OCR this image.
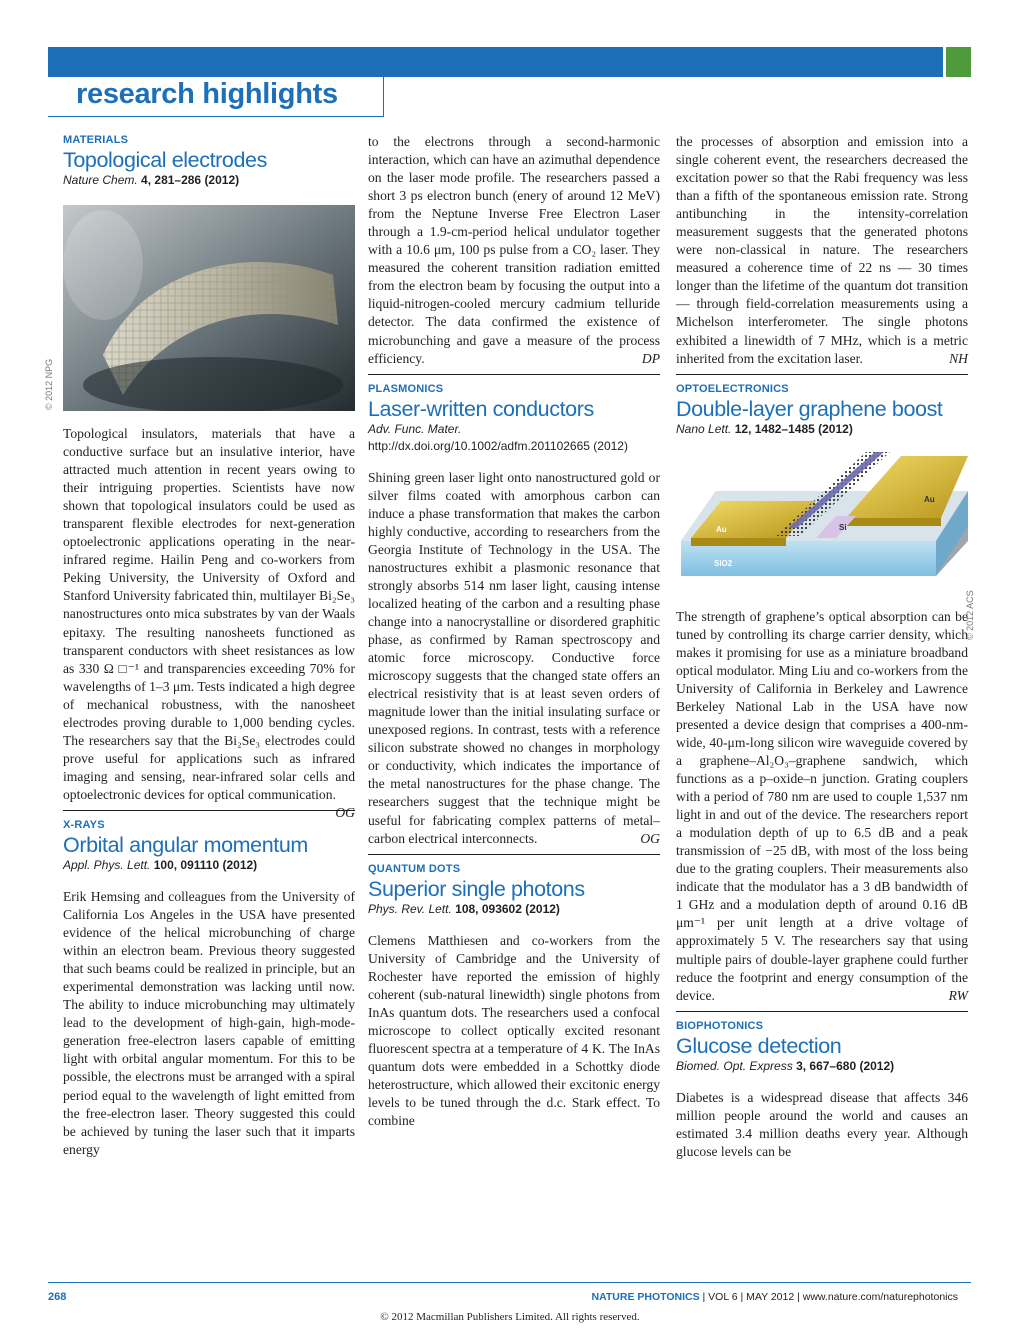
research highlights
MATERIALS
Topological electrodes
Nature Chem. 4, 281–286 (2012)
Topological insulators, materials that have a conductive surface but an insulative interior, have attracted much attention in recent years owing to their intriguing properties. Scientists have now shown that topological insulators could be used as transparent flexible electrodes for next-generation optoelectronic applications operating in the near-infrared regime. Hailin Peng and co-workers from Peking University, the University of Oxford and Stanford University fabricated thin, multilayer Bi₂Se₃ nanostructures onto mica substrates by van der Waals epitaxy. The resulting nanosheets functioned as transparent conductors with sheet resistances as low as 330 Ω □⁻¹ and transparencies exceeding 70% for wavelengths of 1–3 μm. Tests indicated a high degree of mechanical robustness, with the nanosheet electrodes proving durable to 1,000 bending cycles. The researchers say that the Bi₂Se₃ electrodes could prove useful for applications such as infrared imaging and sensing, near-infrared solar cells and optoelectronic devices for optical communication.
OG
X-RAYS
Orbital angular momentum
Appl. Phys. Lett. 100, 091110 (2012)
Erik Hemsing and colleagues from the University of California Los Angeles in the USA have presented evidence of the helical microbunching of charge within an electron beam. Previous theory suggested that such beams could be realized in principle, but an experimental demonstration was lacking until now. The ability to induce microbunching may ultimately lead to the development of high-gain, high-mode-generation free-electron lasers capable of emitting light with orbital angular momentum. For this to be possible, the electrons must be arranged with a spiral period equal to the wavelength of light emitted from the free-electron laser. Theory suggested this could be achieved by tuning the laser such that it imparts energy
© 2012 NPG
to the electrons through a second-harmonic interaction, which can have an azimuthal dependence on the laser mode profile. The researchers passed a short 3 ps electron bunch (enery of around 12 MeV) from the Neptune Inverse Free Electron Laser through a 1.9-cm-period helical undulator together with a 10.6 μm, 100 ps pulse from a CO₂ laser. They measured the coherent transition radiation emitted from the electron beam by focusing the output into a liquid-nitrogen-cooled mercury cadmium telluride detector. The data confirmed the existence of microbunching and gave a measure of the process efficiency.	DP
PLASMONICS
Laser-written conductors
Adv. Func. Mater. http://dx.doi.org/10.1002/adfm.201102665 (2012)
Shining green laser light onto nanostructured gold or silver films coated with amorphous carbon can induce a phase transformation that makes the carbon highly conductive, according to researchers from the Georgia Institute of Technology in the USA. The nanostructures exhibit a plasmonic resonance that strongly absorbs 514 nm laser light, causing intense localized heating of the carbon and a resulting phase change into a nanocrystalline or disordered graphitic phase, as confirmed by Raman spectroscopy and atomic force microscopy. Conductive force microscopy suggests that the changed state offers an electrical resistivity that is at least seven orders of magnitude lower than the initial insulating surface or unexposed regions. In contrast, tests with a reference silicon substrate showed no changes in morphology or conductivity, which indicates the importance of the metal nanostructures for the phase change. The researchers suggest that the technique might be useful for fabricating complex patterns of metal–carbon electrical interconnects.	OG
QUANTUM DOTS
Superior single photons
Phys. Rev. Lett. 108, 093602 (2012)
Clemens Matthiesen and co-workers from the University of Cambridge and the University of Rochester have reported the emission of highly coherent (sub-natural linewidth) single photons from InAs quantum dots. The researchers used a confocal microscope to collect optically excited resonant fluorescent spectra at a temperature of 4 K. The InAs quantum dots were embedded in a Schottky diode heterostructure, which allowed their excitonic energy levels to be tuned through the d.c. Stark effect. To combine
the processes of absorption and emission into a single coherent event, the researchers decreased the excitation power so that the Rabi frequency was less than a fifth of the spontaneous emission rate. Strong antibunching in the intensity-correlation measurement suggests that the generated photons were non-classical in nature. The researchers measured a coherence time of 22 ns — 30 times longer than the lifetime of the quantum dot transition — through field-correlation measurements using a Michelson interferometer. The single photons exhibited a linewidth of 7 MHz, which is a metric inherited from the excitation laser.	NH
OPTOELECTRONICS
Double-layer graphene boost
Nano Lett. 12, 1482–1485 (2012)
Au
Au
Si
SiO2
The strength of graphene’s optical absorption can be tuned by controlling its charge carrier density, which makes it promising for use as a miniature broadband optical modulator. Ming Liu and co-workers from the University of California in Berkeley and Lawrence Berkeley National Lab in the USA have now presented a device design that comprises a 400-nm-wide, 40-μm-long silicon wire waveguide covered by a graphene–Al₂O₃–graphene sandwich, which functions as a p–oxide–n junction. Grating couplers with a period of 780 nm are used to couple 1,537 nm light in and out of the device. The researchers report a modulation depth of up to 6.5 dB and a peak transmission of −25 dB, with most of the loss being due to the grating couplers. Their measurements also indicate that the modulator has a 3 dB bandwidth of 1 GHz and a modulation depth of around 0.16 dB μm⁻¹ per unit length at a drive voltage of approximately 5 V. The researchers say that using multiple pairs of double-layer graphene could further reduce the footprint and energy consumption of the device.	RW
BIOPHOTONICS
Glucose detection
Biomed. Opt. Express 3, 667–680 (2012)
Diabetes is a widespread disease that affects 346 million people around the world and causes an estimated 3.4 million deaths every year. Although glucose levels can be
© 2012 ACS
268	NATURE PHOTONICS | VOL 6 | MAY 2012 | www.nature.com/naturephotonics
© 2012 Macmillan Publishers Limited. All rights reserved.
